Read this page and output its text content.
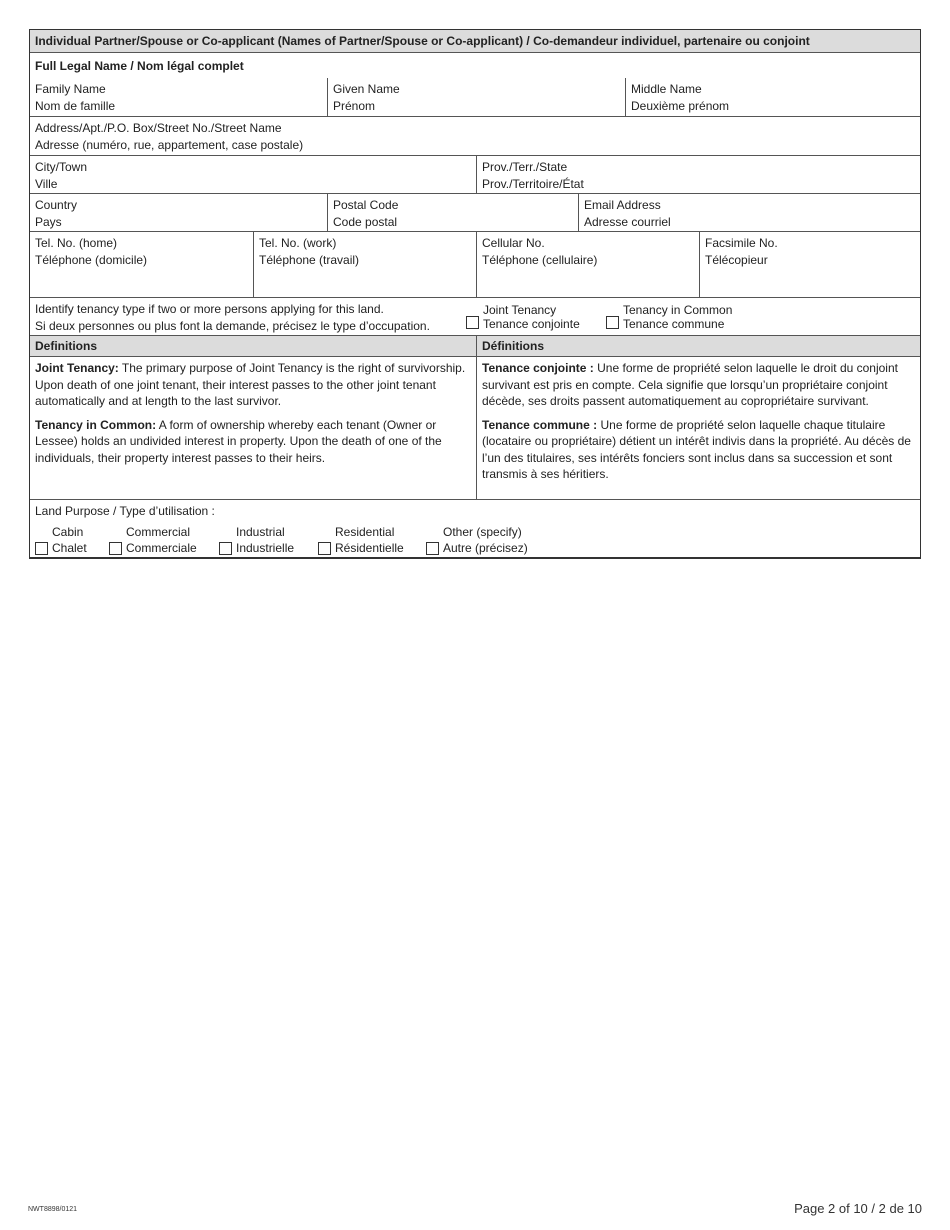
Individual Partner/Spouse or Co-applicant (Names of Partner/Spouse or Co-applicant) / Co-demandeur individuel, partenaire ou conjoint
Full Legal Name / Nom légal complet
Family Name
Nom de famille
Given Name
Prénom
Middle Name
Deuxième prénom
Address/Apt./P.O. Box/Street No./Street Name
Adresse (numéro, rue, appartement, case postale)
City/Town
Ville
Prov./Terr./State
Prov./Territoire/État
Country
Pays
Postal Code
Code postal
Email Address
Adresse courriel
Tel. No. (home)
Téléphone (domicile)
Tel. No. (work)
Téléphone (travail)
Cellular No.
Téléphone (cellulaire)
Facsimile No.
Télécopieur
Identify tenancy type if two or more persons applying for this land.
Si deux personnes ou plus font la demande, précisez le type d’occupation.
Joint Tenancy
Tenance conjointe
Tenancy in Common
Tenance commune
Definitions	Définitions

Joint Tenancy: The primary purpose of Joint Tenancy is the right of survivorship. Upon death of one joint tenant, their interest passes to the other joint tenant automatically and at length to the last survivor.

Tenancy in Common: A form of ownership whereby each tenant (Owner or Lessee) holds an undivided interest in property. Upon the death of one of the individuals, their property interest passes to their heirs.

Tenance conjointe : Une forme de propriété selon laquelle le droit du conjoint survivant est pris en compte. Cela signifie que lorsqu’un propriétaire conjoint décède, ses droits passent automatiquement au copropriétaire survivant.

Tenance commune : Une forme de propriété selon laquelle chaque titulaire (locataire ou propriétaire) détient un intérêt indivis dans la propriété. Au décès de l’un des titulaires, ses intérêts fonciers sont inclus dans sa succession et sont transmis à ses héritiers.

Land Purpose / Type d’utilisation :
Cabin
Chalet
Commercial
Commerciale
Industrial
Industrielle
Residential
Résidentielle
Other (specify)
Autre (précisez)
NWT8898/0121	Page 2 of 10 / 2 de 10
